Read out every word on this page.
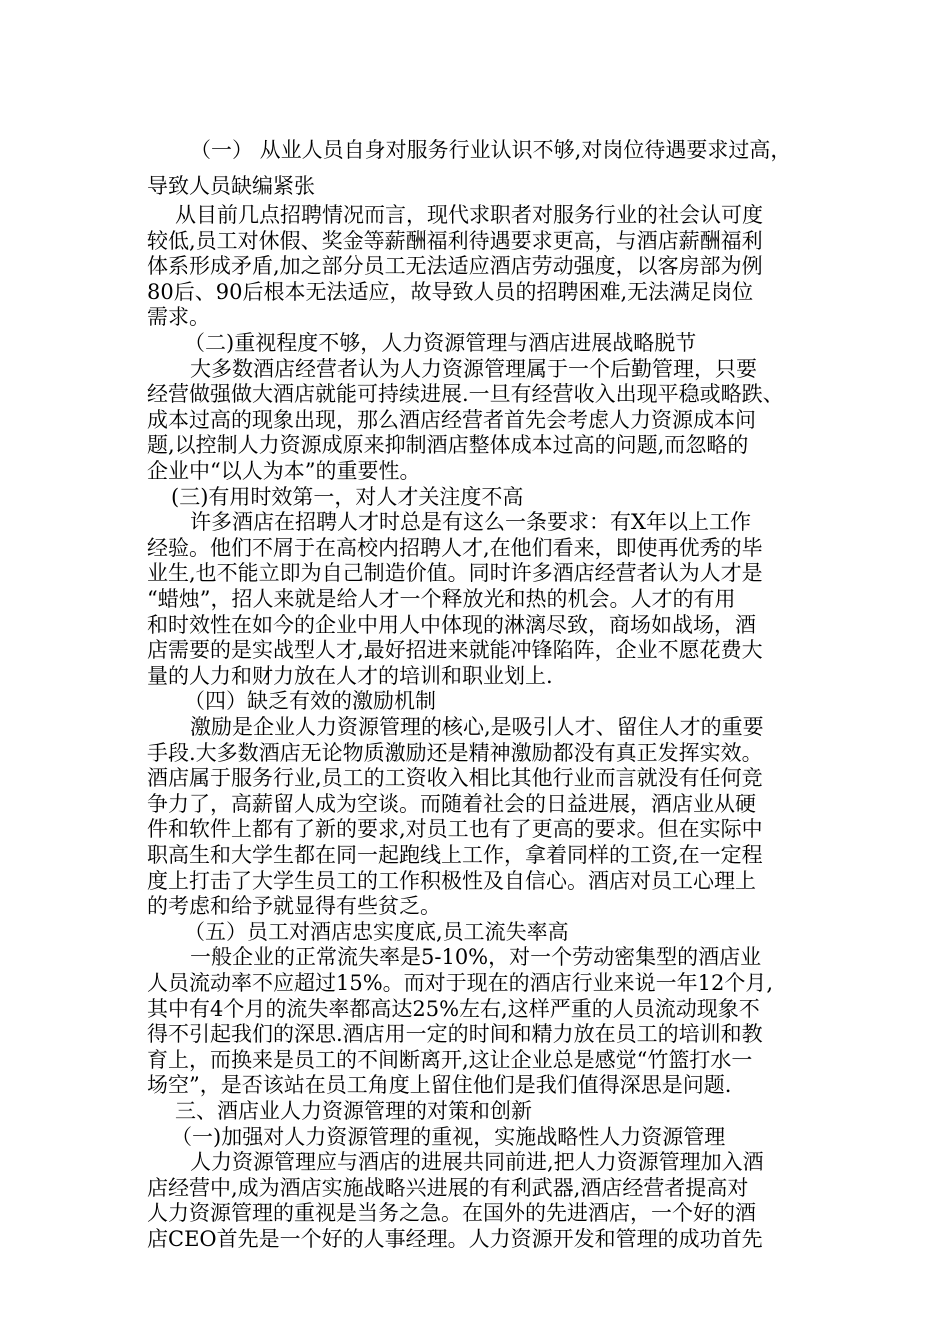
（一） 从业人员自身对服务行业认识不够,对岗位待遇要求过高，
导致人员缺编紧张
从目前几点招聘情况而言，现代求职者对服务行业的社会认可度
较低,员工对休假、奖金等薪酬福利待遇要求更高，与酒店薪酬福利
体系形成矛盾,加之部分员工无法适应酒店劳动强度，以客房部为例
80后、90后根本无法适应，故导致人员的招聘困难,无法满足岗位
需求。
（二)重视程度不够，人力资源管理与酒店进展战略脱节
大多数酒店经营者认为人力资源管理属于一个后勤管理，只要
经营做强做大酒店就能可持续进展.一旦有经营收入出现平稳或略跌、
成本过高的现象出现，那么酒店经营者首先会考虑人力资源成本问
题,以控制人力资源成原来抑制酒店整体成本过高的问题,而忽略的
企业中“以人为本”的重要性。
(三)有用时效第一，对人才关注度不高
许多酒店在招聘人才时总是有这么一条要求：有X年以上工作
经验。他们不屑于在高校内招聘人才,在他们看来，即使再优秀的毕
业生,也不能立即为自己制造价值。同时许多酒店经营者认为人才是
“蜡烛”，招人来就是给人才一个释放光和热的机会。人才的有用
和时效性在如今的企业中用人中体现的淋漓尽致，商场如战场，酒
店需要的是实战型人才,最好招进来就能冲锋陷阵，企业不愿花费大
量的人力和财力放在人才的培训和职业划上.
（四）缺乏有效的激励机制
激励是企业人力资源管理的核心,是吸引人才、留住人才的重要
手段.大多数酒店无论物质激励还是精神激励都没有真正发挥实效。
酒店属于服务行业,员工的工资收入相比其他行业而言就没有任何竞
争力了，高薪留人成为空谈。而随着社会的日益进展，酒店业从硬
件和软件上都有了新的要求,对员工也有了更高的要求。但在实际中
职高生和大学生都在同一起跑线上工作，拿着同样的工资,在一定程
度上打击了大学生员工的工作积极性及自信心。酒店对员工心理上
的考虑和给予就显得有些贫乏。
（五）员工对酒店忠实度底,员工流失率高
一般企业的正常流失率是5-10%，对一个劳动密集型的酒店业
人员流动率不应超过15%。而对于现在的酒店行业来说一年12个月,
其中有4个月的流失率都高达25%左右,这样严重的人员流动现象不
得不引起我们的深思.酒店用一定的时间和精力放在员工的培训和教
育上，而换来是员工的不间断离开,这让企业总是感觉“竹篮打水一
场空”，是否该站在员工角度上留住他们是我们值得深思是问题.
三、酒店业人力资源管理的对策和创新
（一)加强对人力资源管理的重视，实施战略性人力资源管理
人力资源管理应与酒店的进展共同前进,把人力资源管理加入酒
店经营中,成为酒店实施战略兴进展的有利武器,酒店经营者提高对
人力资源管理的重视是当务之急。在国外的先进酒店，一个好的酒
店CEO首先是一个好的人事经理。人力资源开发和管理的成功首先
